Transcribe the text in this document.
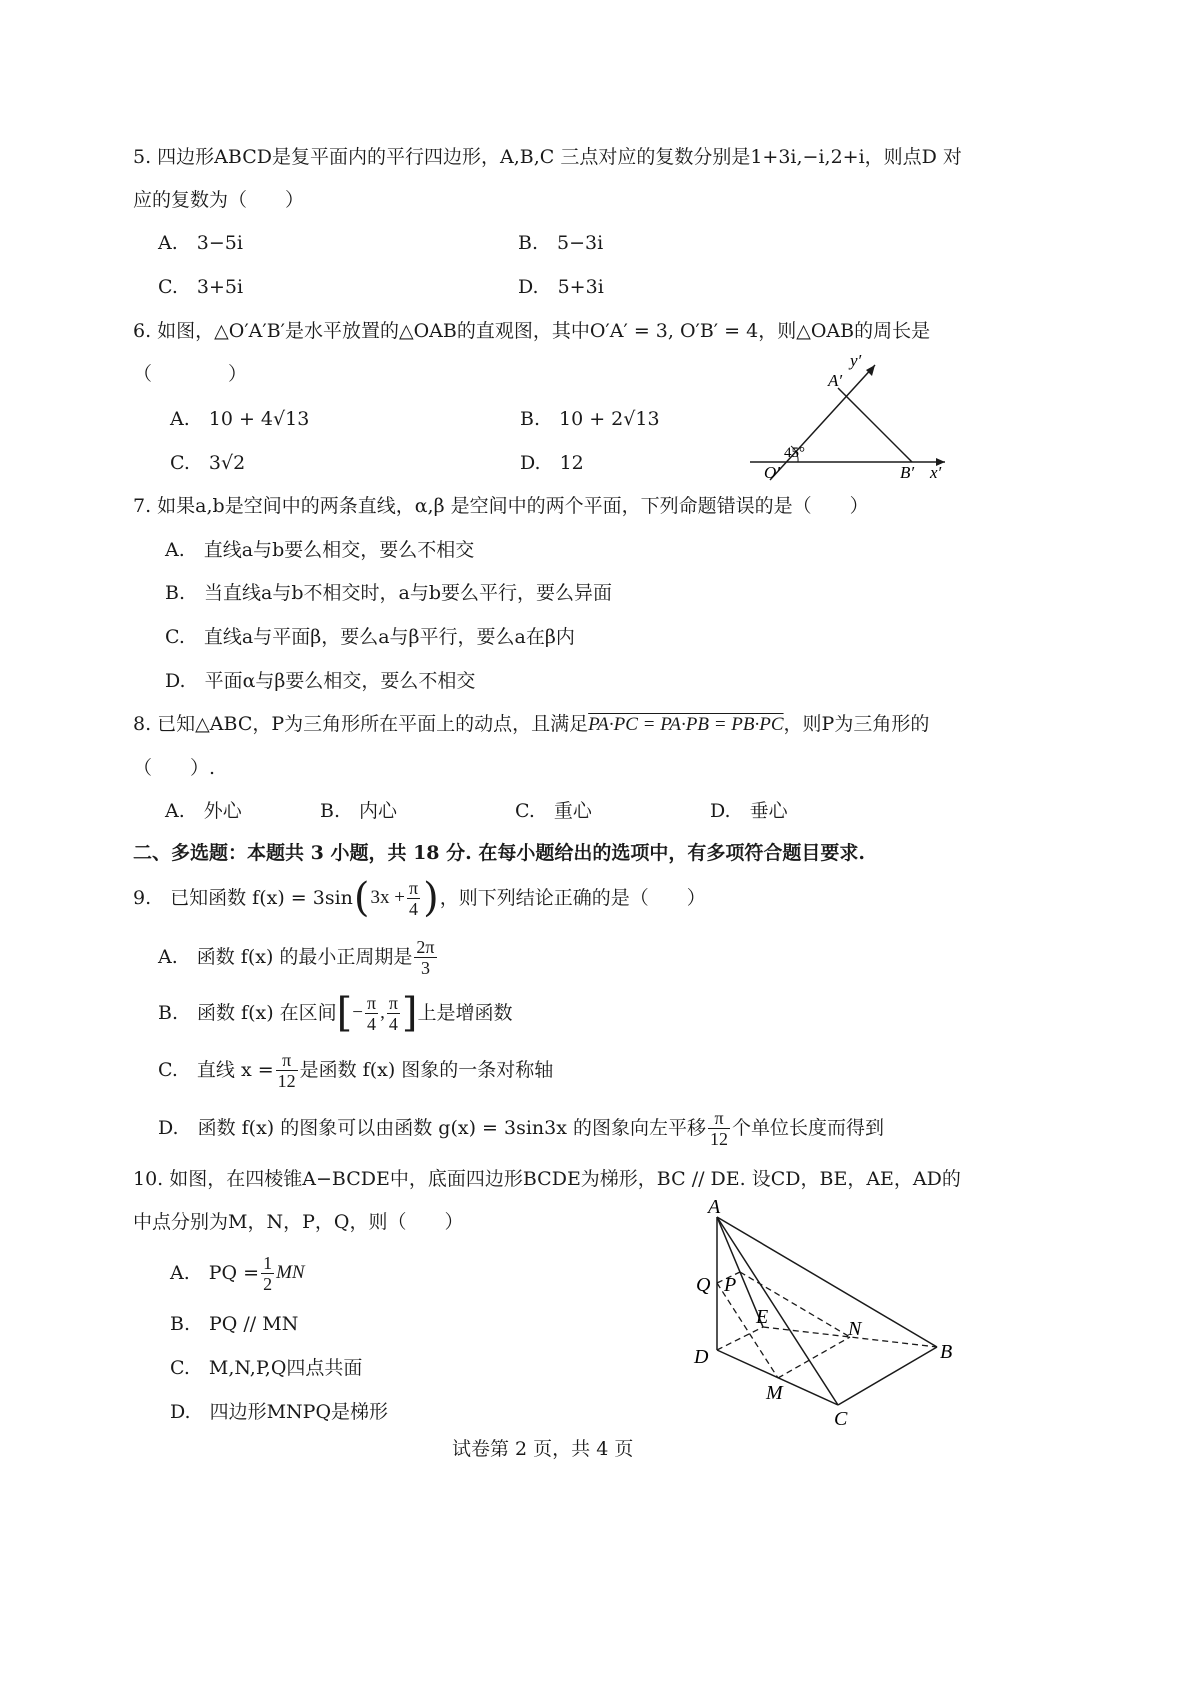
5. 四边形ABCD是复平面内的平行四边形，A,B,C 三点对应的复数分别是1+3i,−i,2+i，则点D 对
应的复数为（　　）
A.　3−5i	B.　5−3i
C.　3+5i	D.　5+3i
6. 如图，△O′A′B′是水平放置的△OAB的直观图，其中O′A′ = 3, O′B′ = 4，则△OAB的周长是
（　　　　）
A.　10 + 4√13	B.　10 + 2√13
C.　3√2	D.　12
y′
A′
45°
O′	B′ x′
7. 如果a,b是空间中的两条直线，α,β 是空间中的两个平面，下列命题错误的是（　　）
A.　直线a与b要么相交，要么不相交
B.　当直线a与b不相交时，a与b要么平行，要么异面
C.　直线a与平面β，要么a与β平行，要么a在β内
D.　平面α与β要么相交，要么不相交
8. 已知△ABC，P为三角形所在平面上的动点，且满足PA·PC = PA·PB = PB·PC，则P为三角形的
（　　）.
A.　外心	B.　内心	C.　重心	D.　垂心
二、多选题：本题共 3 小题，共 18 分. 在每小题给出的选项中，有多项符合题目要求.
9.　已知函数 f(x) = 3sin ( $3x + \frac{\pi}{4}$ ) ，则下列结论正确的是（　　）
A.　函数 f(x) 的最小正周期是 $\frac{2\pi}{3}$
B.　函数 f(x) 在区间 [ − $\frac{\pi}{4}$ , $\frac{\pi}{4}$ ] 上是增函数
C.　直线 $x = \frac{\pi}{12}$ 是函数 f(x) 图象的一条对称轴
D.　函数 f(x) 的图象可以由函数 g(x) = 3sin3x 的图象向左平移 $\frac{\pi}{12}$ 个单位长度而得到
10. 如图，在四棱锥A−BCDE中，底面四边形BCDE为梯形，BC // DE. 设CD，BE，AE，AD的
中点分别为M，N，P，Q，则（　　）
A.　PQ = $\frac{1}{2}$ MN
B.　PQ // MN
C.　M,N,P,Q四点共面
D.　四边形MNPQ是梯形
A
Q P
E
N
B
D
M
C
试卷第 2 页，共 4 页
